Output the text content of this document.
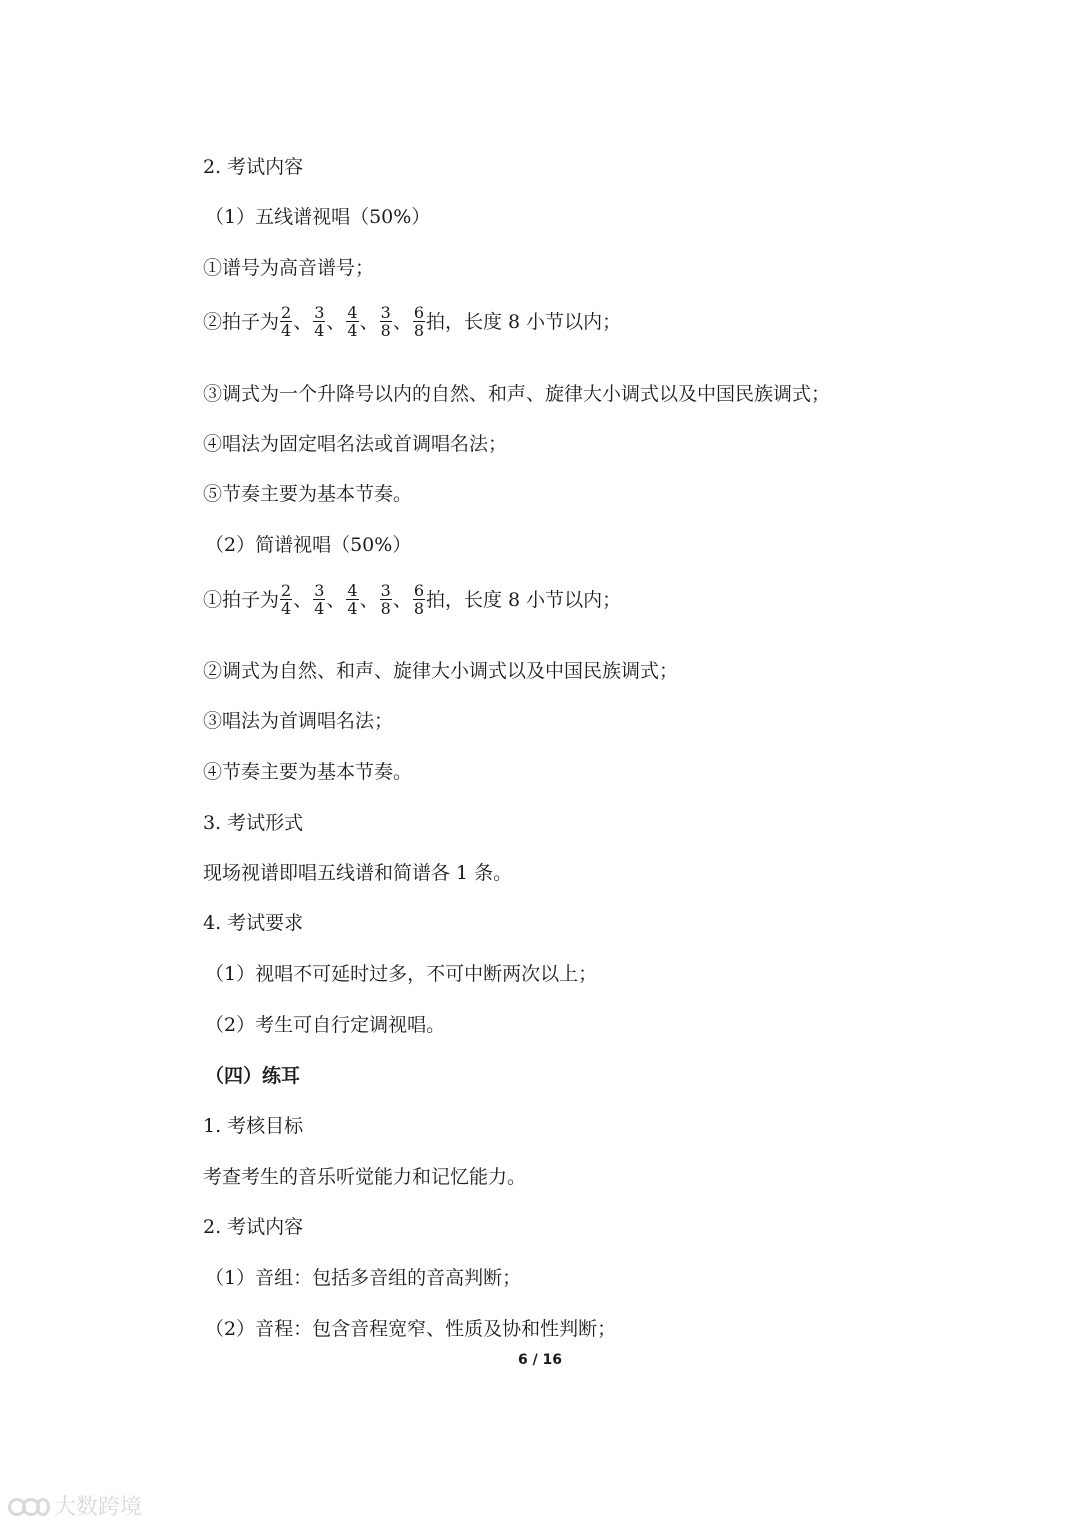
2. 考试内容
（1）五线谱视唱（50%）
①谱号为高音谱号；
②拍子为 $\frac{2}{4}$ 、 $\frac{3}{4}$ 、 $\frac{4}{4}$ 、 $\frac{3}{8}$ 、 $\frac{6}{8}$ 拍，长度 8 小节以内；
③调式为一个升降号以内的自然、和声、旋律大小调式以及中国民族调式；
④唱法为固定唱名法或首调唱名法；
⑤节奏主要为基本节奏。
（2）简谱视唱（50%）
①拍子为 $\frac{2}{4}$ 、 $\frac{3}{4}$ 、 $\frac{4}{4}$ 、 $\frac{3}{8}$ 、 $\frac{6}{8}$ 拍，长度 8 小节以内；
②调式为自然、和声、旋律大小调式以及中国民族调式；
③唱法为首调唱名法；
④节奏主要为基本节奏。
3. 考试形式
现场视谱即唱五线谱和简谱各 1 条。
4. 考试要求
（1）视唱不可延时过多，不可中断两次以上；
（2）考生可自行定调视唱。
（四）练耳
1. 考核目标
考查考生的音乐听觉能力和记忆能力。
2. 考试内容
（1）音组：包括多音组的音高判断；
（2）音程：包含音程宽窄、性质及协和性判断；
6 / 16
大数跨境
